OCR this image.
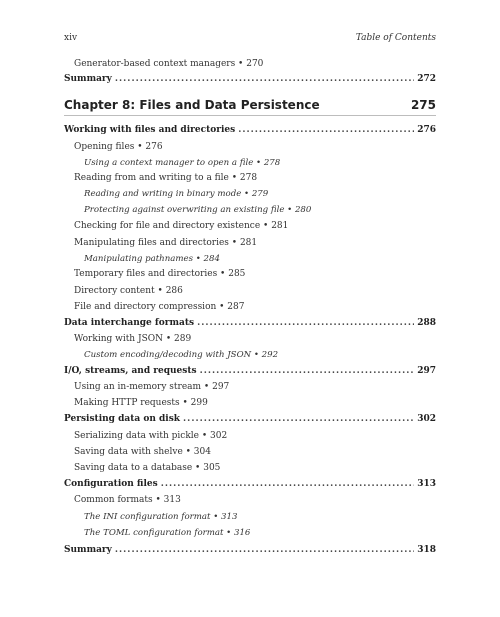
xiv	Table of Contents
Generator-based context managers • 270
Summary .....	272
Chapter 8: Files and Data Persistence	275
Working with files and directories .....	276
Opening files • 276
Using a context manager to open a file • 278
Reading from and writing to a file • 278
Reading and writing in binary mode • 279
Protecting against overwriting an existing file • 280
Checking for file and directory existence • 281
Manipulating files and directories • 281
Manipulating pathnames • 284
Temporary files and directories • 285
Directory content • 286
File and directory compression • 287
Data interchange formats .....	288
Working with JSON • 289
Custom encoding/decoding with JSON • 292
I/O, streams, and requests .....	297
Using an in-memory stream • 297
Making HTTP requests • 299
Persisting data on disk .....	302
Serializing data with pickle • 302
Saving data with shelve • 304
Saving data to a database • 305
Configuration files .....	313
Common formats • 313
The INI configuration format • 313
The TOML configuration format • 316
Summary .....	318
